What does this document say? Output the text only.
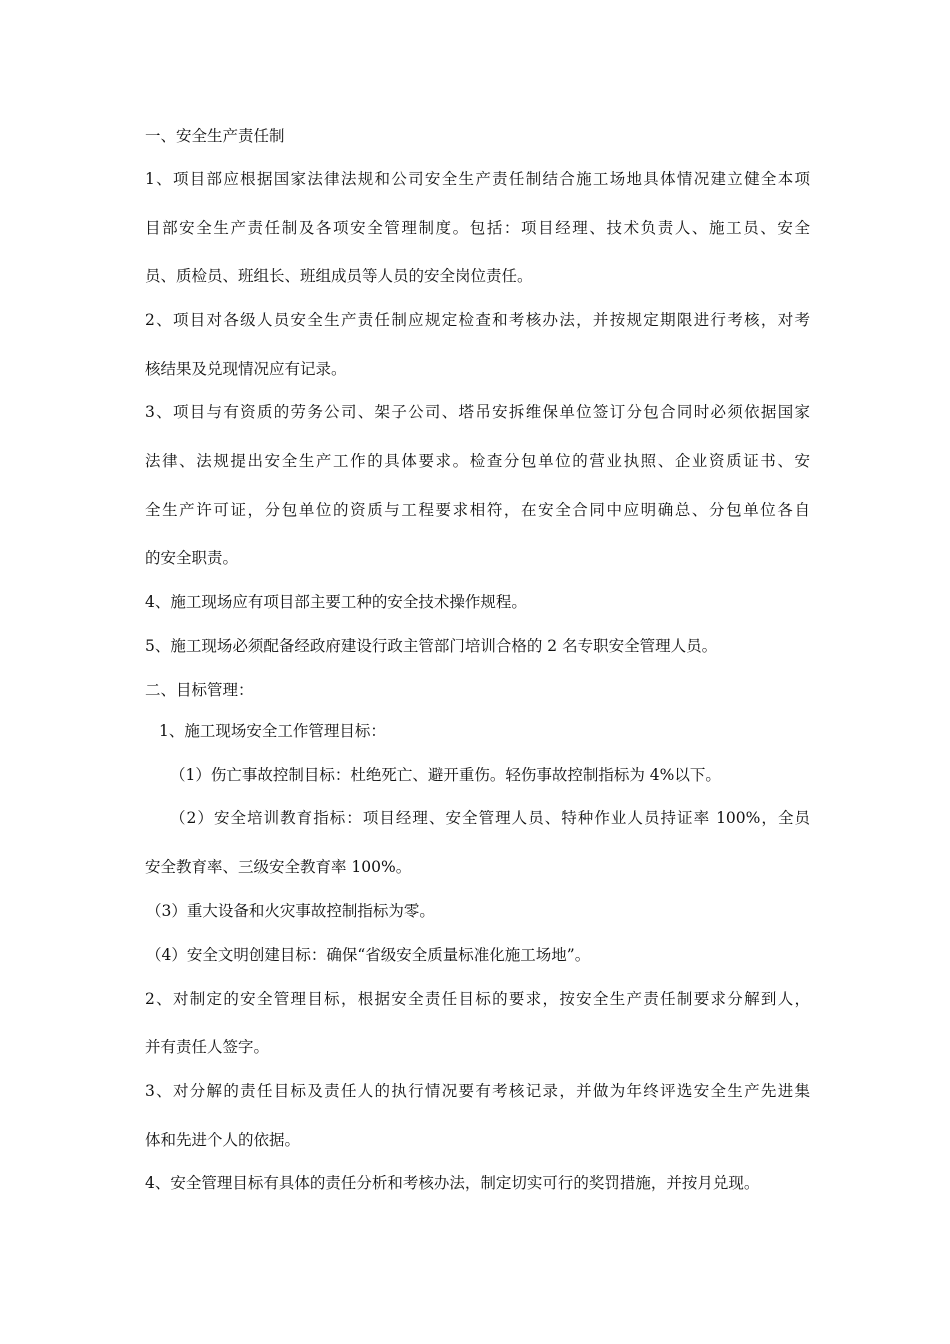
一、安全生产责任制
1、项目部应根据国家法律法规和公司安全生产责任制结合施工场地具体情况建立健全本项
目部安全生产责任制及各项安全管理制度。包括：项目经理、技术负责人、施工员、安全
员、质检员、班组长、班组成员等人员的安全岗位责任。
2、项目对各级人员安全生产责任制应规定检查和考核办法，并按规定期限进行考核，对考
核结果及兑现情况应有记录。
3、项目与有资质的劳务公司、架子公司、塔吊安拆维保单位签订分包合同时必须依据国家
法律、法规提出安全生产工作的具体要求。检查分包单位的营业执照、企业资质证书、安
全生产许可证，分包单位的资质与工程要求相符，在安全合同中应明确总、分包单位各自
的安全职责。
4、施工现场应有项目部主要工种的安全技术操作规程。
5、施工现场必须配备经政府建设行政主管部门培训合格的 2 名专职安全管理人员。
二、目标管理：
1、施工现场安全工作管理目标：
（1）伤亡事故控制目标：杜绝死亡、避开重伤。轻伤事故控制指标为 4%以下。
（2）安全培训教育指标：项目经理、安全管理人员、特种作业人员持证率 100%，全员
安全教育率、三级安全教育率 100%。
（3）重大设备和火灾事故控制指标为零。
（4）安全文明创建目标：确保“省级安全质量标准化施工场地”。
2、对制定的安全管理目标，根据安全责任目标的要求，按安全生产责任制要求分解到人，
并有责任人签字。
3、对分解的责任目标及责任人的执行情况要有考核记录，并做为年终评选安全生产先进集
体和先进个人的依据。
4、安全管理目标有具体的责任分析和考核办法，制定切实可行的奖罚措施，并按月兑现。
